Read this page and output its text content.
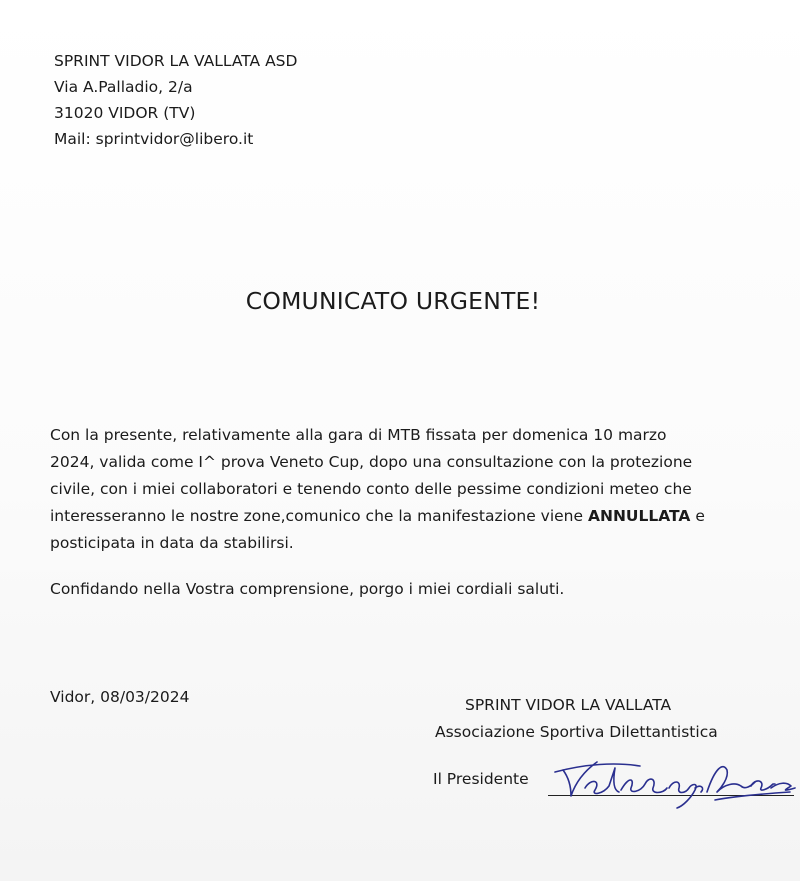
SPRINT VIDOR LA VALLATA ASD
Via A.Palladio, 2/a
31020 VIDOR (TV)
Mail: sprintvidor@libero.it
COMUNICATO URGENTE!
Con la presente, relativamente alla gara di MTB fissata per domenica 10 marzo
2024, valida come I^ prova Veneto Cup, dopo una consultazione con la protezione
civile, con i miei collaboratori e tenendo conto delle pessime condizioni meteo che
interesseranno le nostre zone,comunico che la manifestazione viene ANNULLATA e
posticipata in data da stabilirsi.
Confidando nella Vostra comprensione, porgo i miei cordiali saluti.
Vidor, 08/03/2024	SPRINT VIDOR LA VALLATA
Associazione Sportiva Dilettantistica
Il Presidente
